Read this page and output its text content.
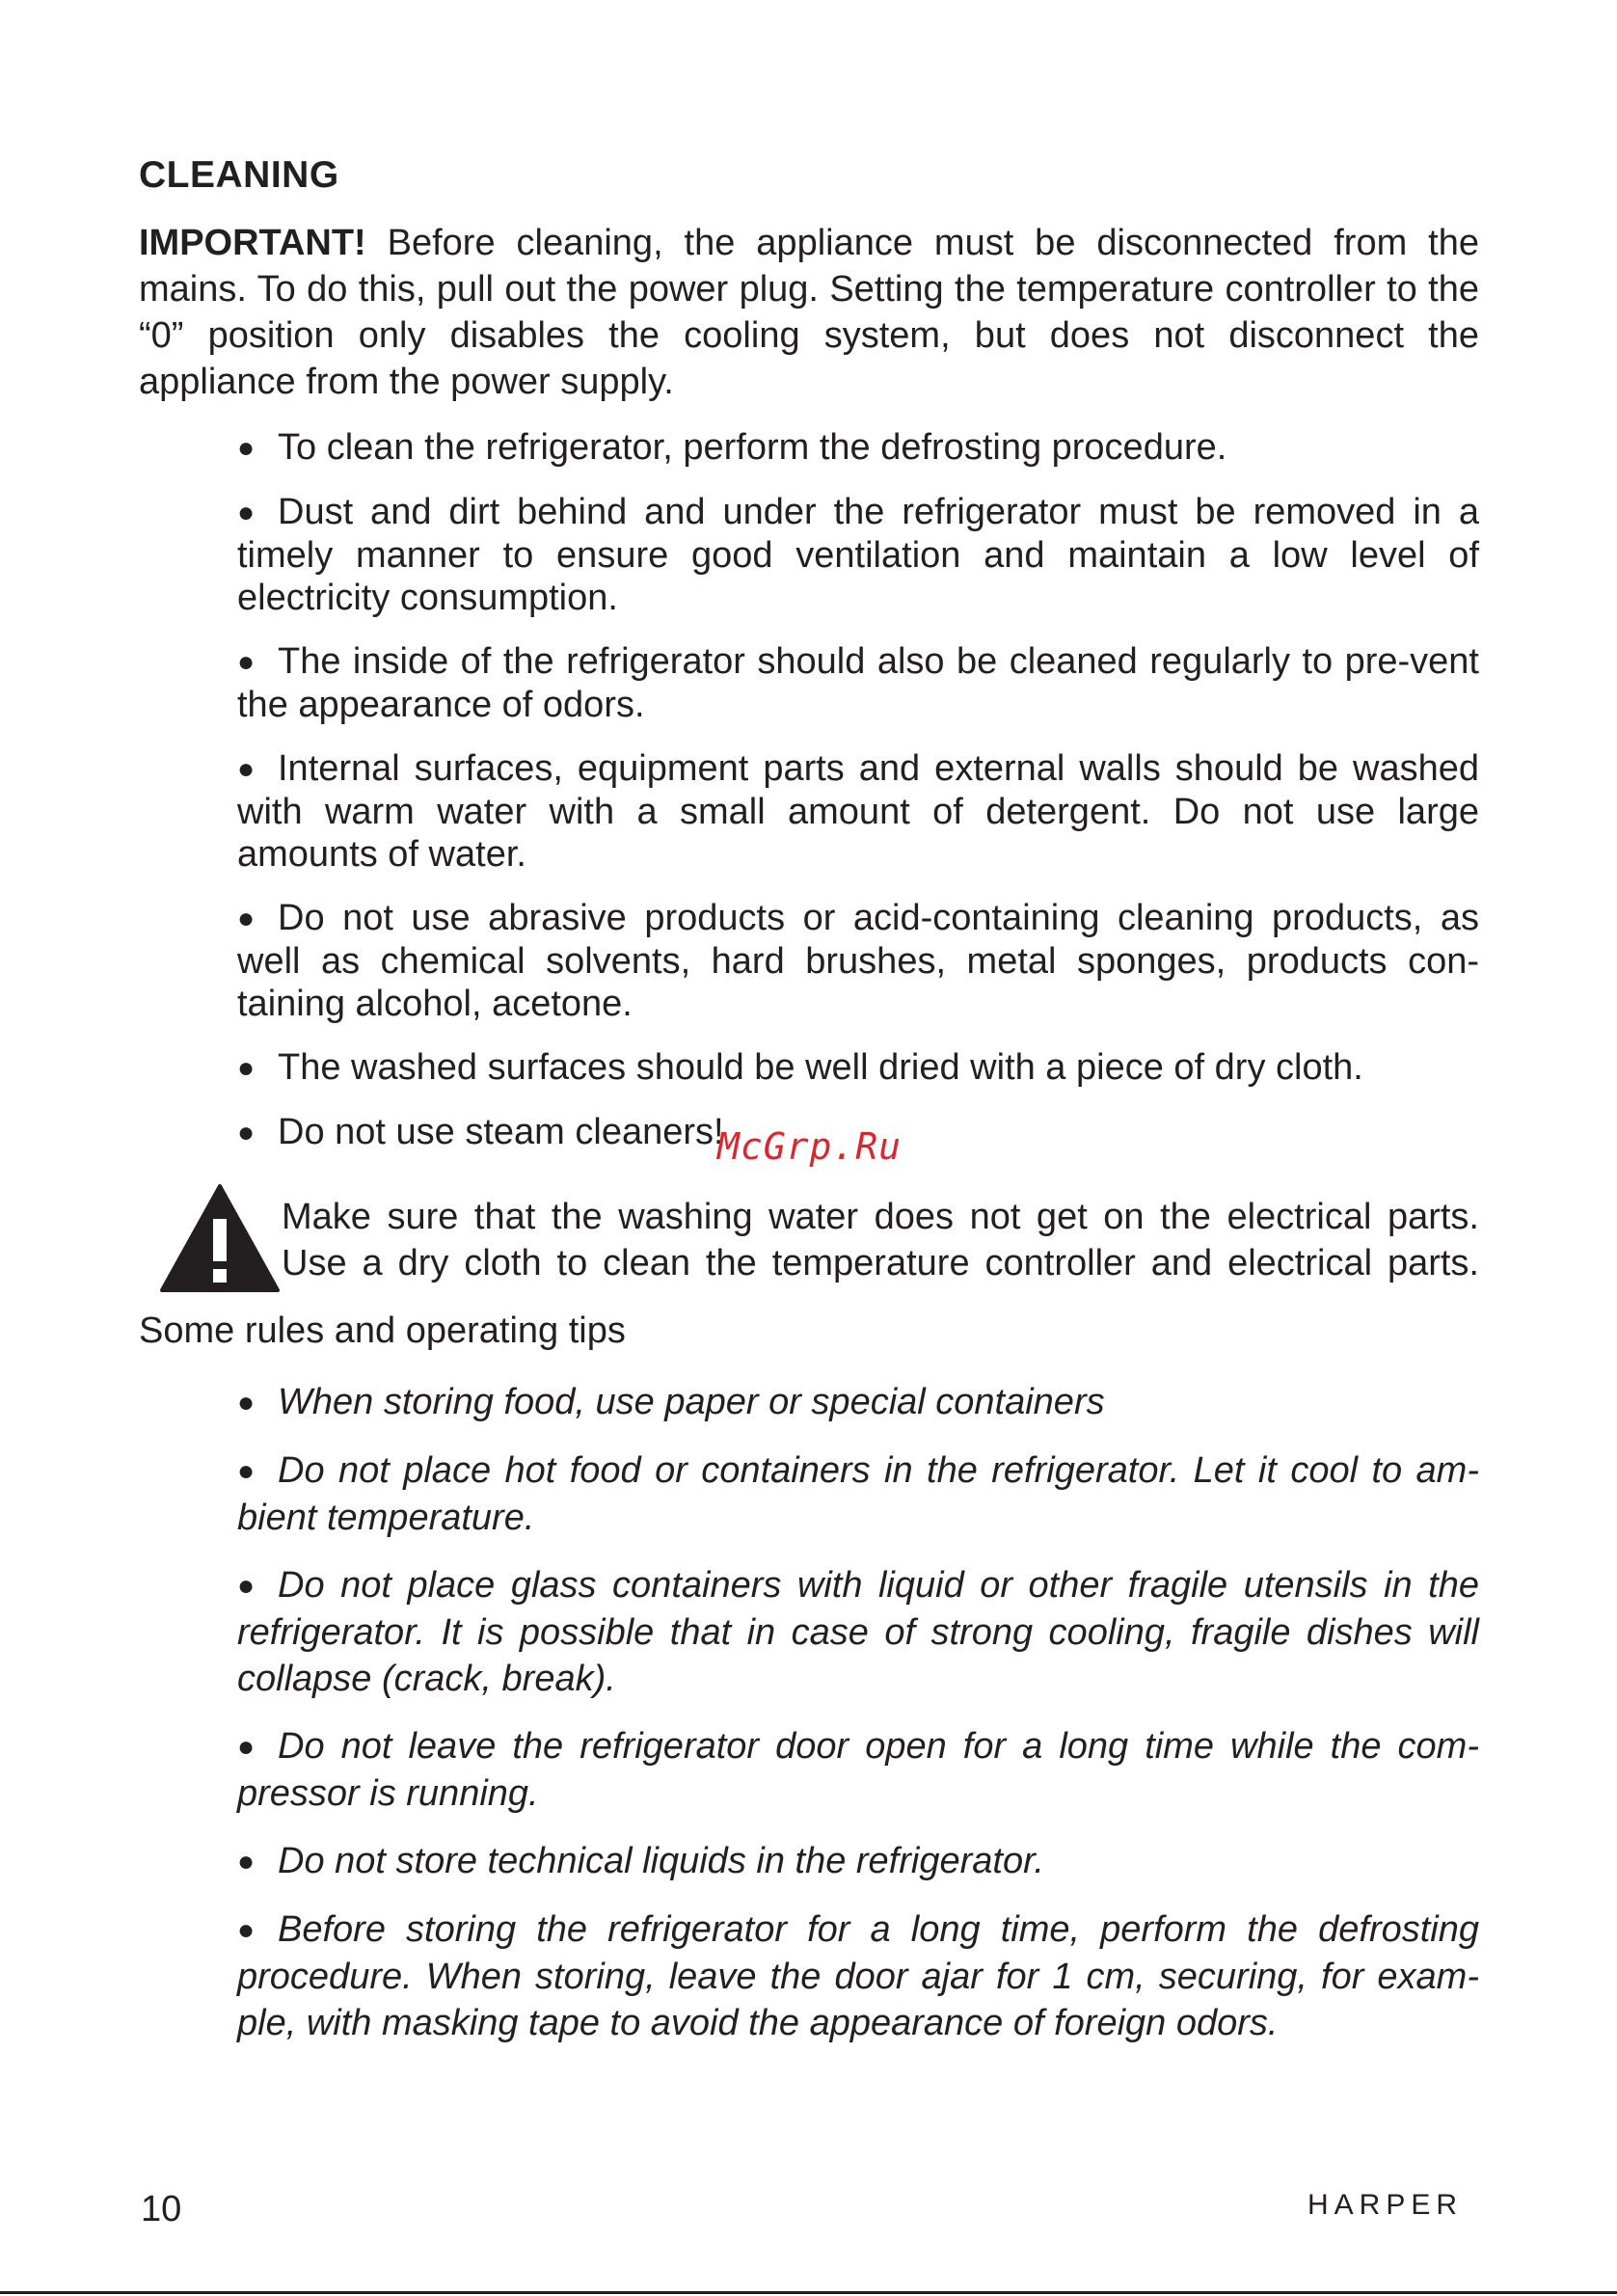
CLEANING
IMPORTANT! Before cleaning, the appliance must be disconnected from the mains. To do this, pull out the power plug. Setting the temperature controller to the “0” position only disables the cooling system, but does not disconnect the appliance from the power supply.
● To clean the refrigerator, perform the defrosting procedure.
● Dust and dirt behind and under the refrigerator must be removed in a timely manner to ensure good ventilation and maintain a low level of electricity consumption.
● The inside of the refrigerator should also be cleaned regularly to pre-vent the appearance of odors.
● Internal surfaces, equipment parts and external walls should be washed with warm water with a small amount of detergent. Do not use large amounts of water.
● Do not use abrasive products or acid-containing cleaning products, as well as chemical solvents, hard brushes, metal sponges, products con-taining alcohol, acetone.
● The washed surfaces should be well dried with a piece of dry cloth.
● Do not use steam cleaners!
McGrp.Ru
Make sure that the washing water does not get on the electrical parts.
Use a dry cloth to clean the temperature controller and electrical parts.
Some rules and operating tips
● When storing food, use paper or special containers
● Do not place hot food or containers in the refrigerator. Let it cool to am-bient temperature.
● Do not place glass containers with liquid or other fragile utensils in the refrigerator. It is possible that in case of strong cooling, fragile dishes will collapse (crack, break).
● Do not leave the refrigerator door open for a long time while the com-pressor is running.
● Do not store technical liquids in the refrigerator.
● Before storing the refrigerator for a long time, perform the defrosting procedure. When storing, leave the door ajar for 1 cm, securing, for exam-ple, with masking tape to avoid the appearance of foreign odors.
10	HARPER
